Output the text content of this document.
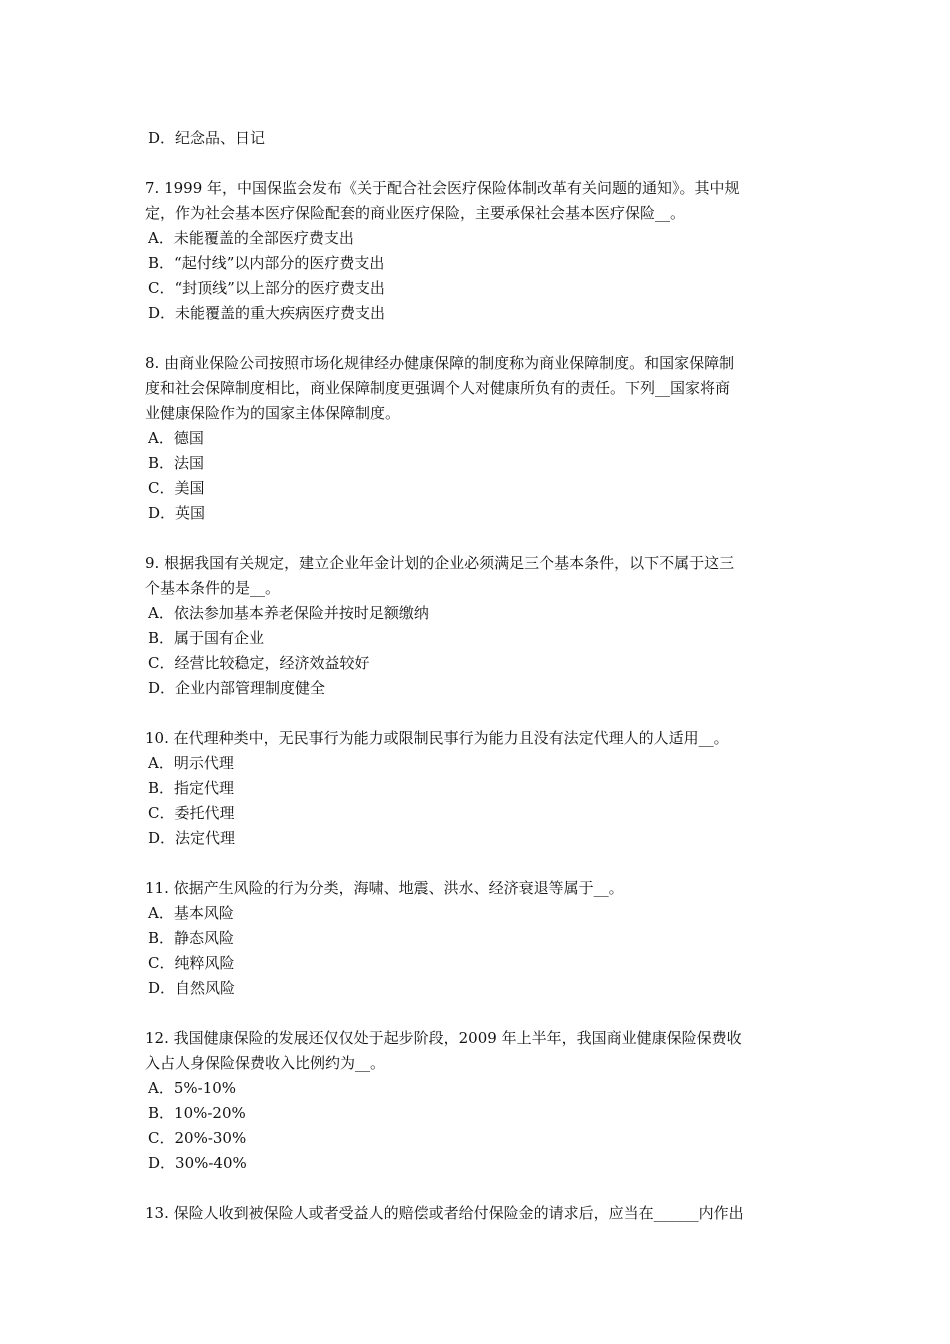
D．纪念品、日记
7. 1999 年，中国保监会发布《关于配合社会医疗保险体制改革有关问题的通知》。其中规
定，作为社会基本医疗保险配套的商业医疗保险，主要承保社会基本医疗保险__。
A．未能覆盖的全部医疗费支出
B．“起付线”以内部分的医疗费支出
C．“封顶线”以上部分的医疗费支出
D．未能覆盖的重大疾病医疗费支出
8. 由商业保险公司按照市场化规律经办健康保障的制度称为商业保障制度。和国家保障制
度和社会保障制度相比，商业保障制度更强调个人对健康所负有的责任。下列__国家将商
业健康保险作为的国家主体保障制度。
A．德国
B．法国
C．美国
D．英国
9. 根据我国有关规定，建立企业年金计划的企业必须满足三个基本条件，以下不属于这三
个基本条件的是__。
A．依法参加基本养老保险并按时足额缴纳
B．属于国有企业
C．经营比较稳定，经济效益较好
D．企业内部管理制度健全
10. 在代理种类中，无民事行为能力或限制民事行为能力且没有法定代理人的人适用__。
A．明示代理
B．指定代理
C．委托代理
D．法定代理
11. 依据产生风险的行为分类，海啸、地震、洪水、经济衰退等属于__。
A．基本风险
B．静态风险
C．纯粹风险
D．自然风险
12. 我国健康保险的发展还仅仅处于起步阶段，2009 年上半年，我国商业健康保险保费收
入占人身保险保费收入比例约为__。
A．5%-10%
B．10%-20%
C．20%-30%
D．30%-40%
13. 保险人收到被保险人或者受益人的赔偿或者给付保险金的请求后，应当在______内作出
